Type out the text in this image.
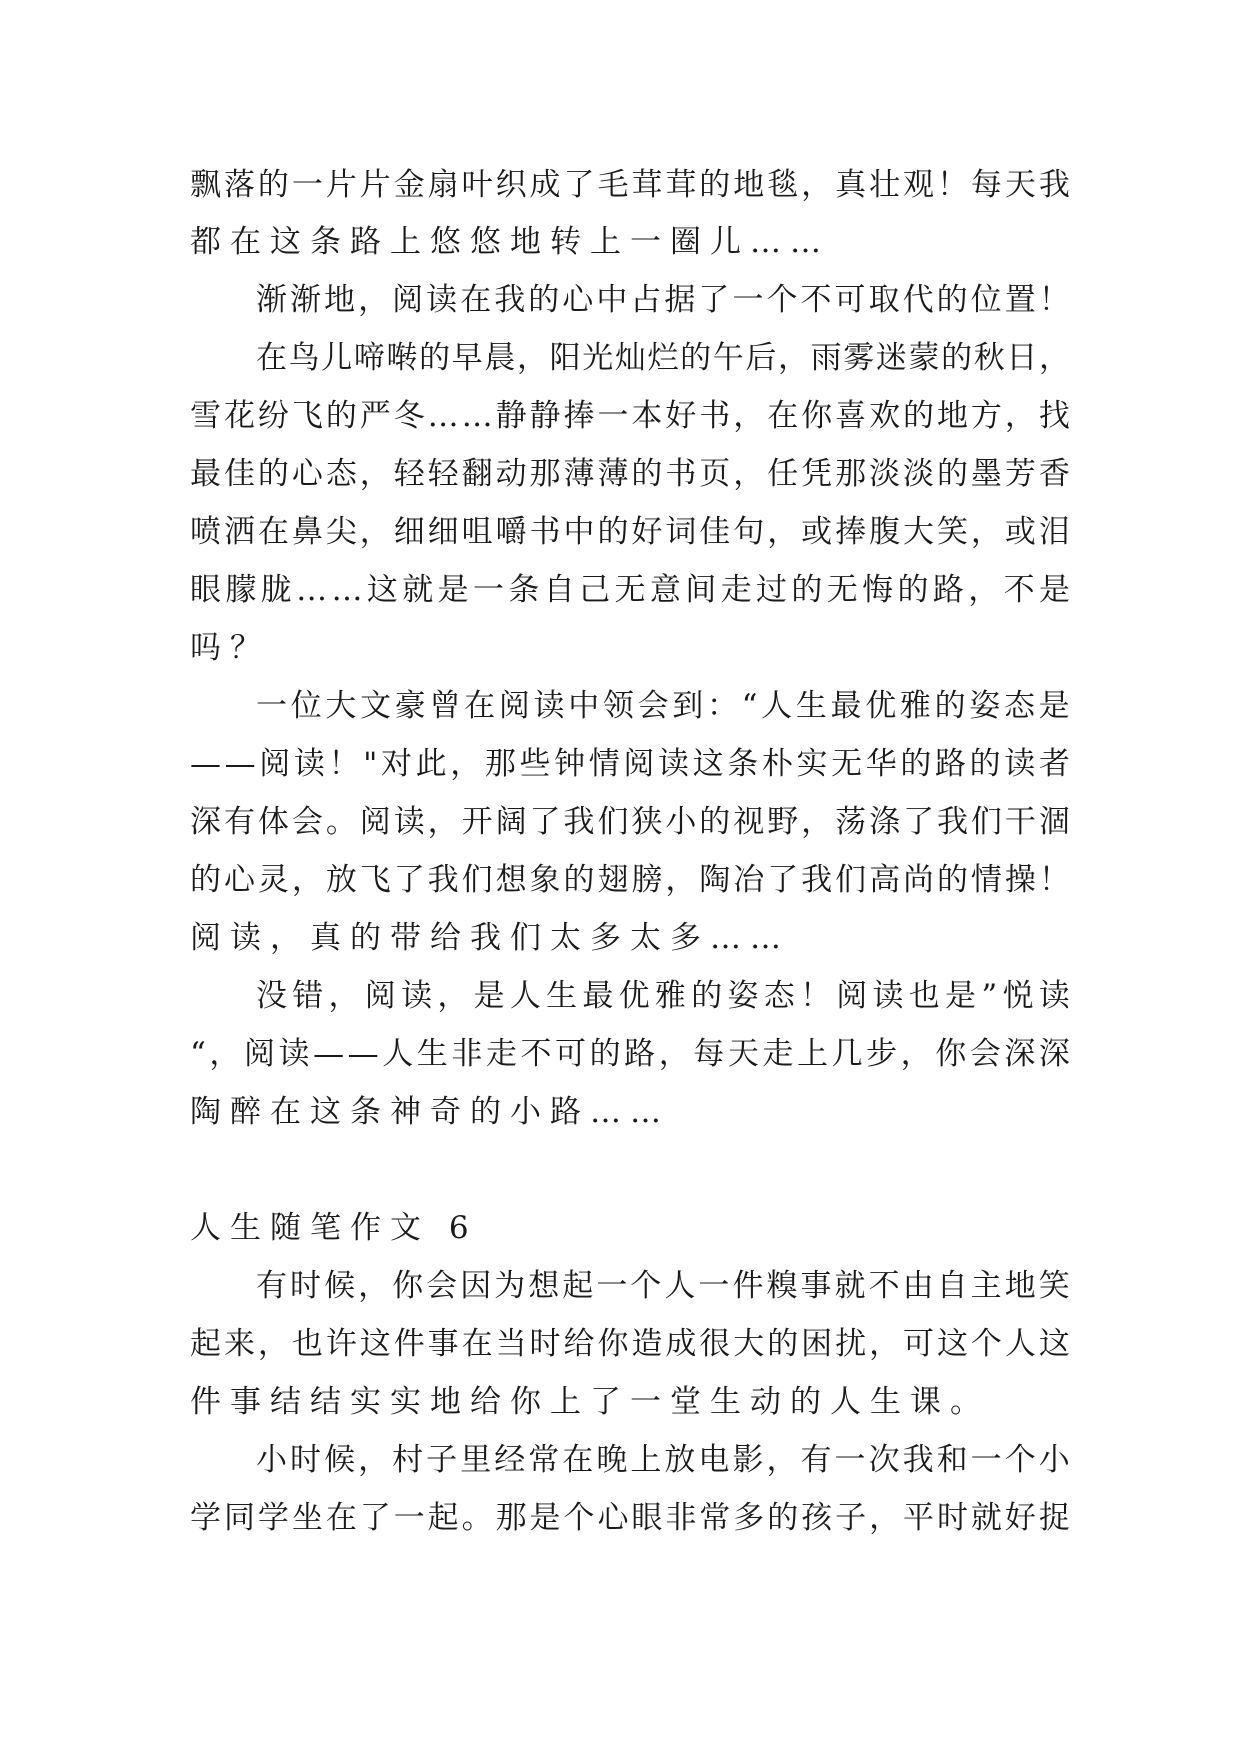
飘 落 的 一 片 片 金 扇 叶 织 成 了 毛 茸 茸 的 地 毯 ， 真 壮 观 ！ 每 天 我
都在这条路上悠悠地转上一圈儿……
渐 渐 地 ， 阅 读 在 我 的 心 中 占 据 了 一 个 不 可 取 代 的 位 置 ！
在 鸟 儿 啼 啭 的 早 晨 ， 阳 光 灿 烂 的 午 后 ， 雨 雾 迷 蒙 的 秋 日 ，
雪 花 纷 飞 的 严 冬 … … 静 静 捧 一 本 好 书 ， 在 你 喜 欢 的 地 方 ， 找
最 佳 的 心 态 ， 轻 轻 翻 动 那 薄 薄 的 书 页 ， 任 凭 那 淡 淡 的 墨 芳 香
喷 洒 在 鼻 尖 ， 细 细 咀 嚼 书 中 的 好 词 佳 句 ， 或 捧 腹 大 笑 ， 或 泪
眼 朦 胧 … … 这 就 是 一 条 自 己 无 意 间 走 过 的 无 悔 的 路 ， 不 是
吗？
一 位 大 文 豪 曾 在 阅 读 中 领 会 到 ： “ 人 生 最 优 雅 的 姿 态 是
— — 阅 读 ！ " 对 此 ， 那 些 钟 情 阅 读 这 条 朴 实 无 华 的 路 的 读 者
深 有 体 会 。 阅 读 ， 开 阔 了 我 们 狭 小 的 视 野 ， 荡 涤 了 我 们 干 涸
的 心 灵 ， 放 飞 了 我 们 想 象 的 翅 膀 ， 陶 冶 了 我 们 高 尚 的 情 操 ！
阅读，真的带给我们太多太多……
没 错 ， 阅 读 ， 是 人 生 最 优 雅 的 姿 态 ！ 阅 读 也 是 ” 悦 读
“ ， 阅 读 — — 人 生 非 走 不 可 的 路 ， 每 天 走 上 几 步 ， 你 会 深 深
陶醉在这条神奇的小路……
人生随笔作文 6
有 时 候 ， 你 会 因 为 想 起 一 个 人 一 件 糗 事 就 不 由 自 主 地 笑
起 来 ， 也 许 这 件 事 在 当 时 给 你 造 成 很 大 的 困 扰 ， 可 这 个 人 这
件事结结实实地给你上了一堂生动的人生课。
小 时 候 ， 村 子 里 经 常 在 晚 上 放 电 影 ， 有 一 次 我 和 一 个 小
学 同 学 坐 在 了 一 起 。 那 是 个 心 眼 非 常 多 的 孩 子 ， 平 时 就 好 捉
